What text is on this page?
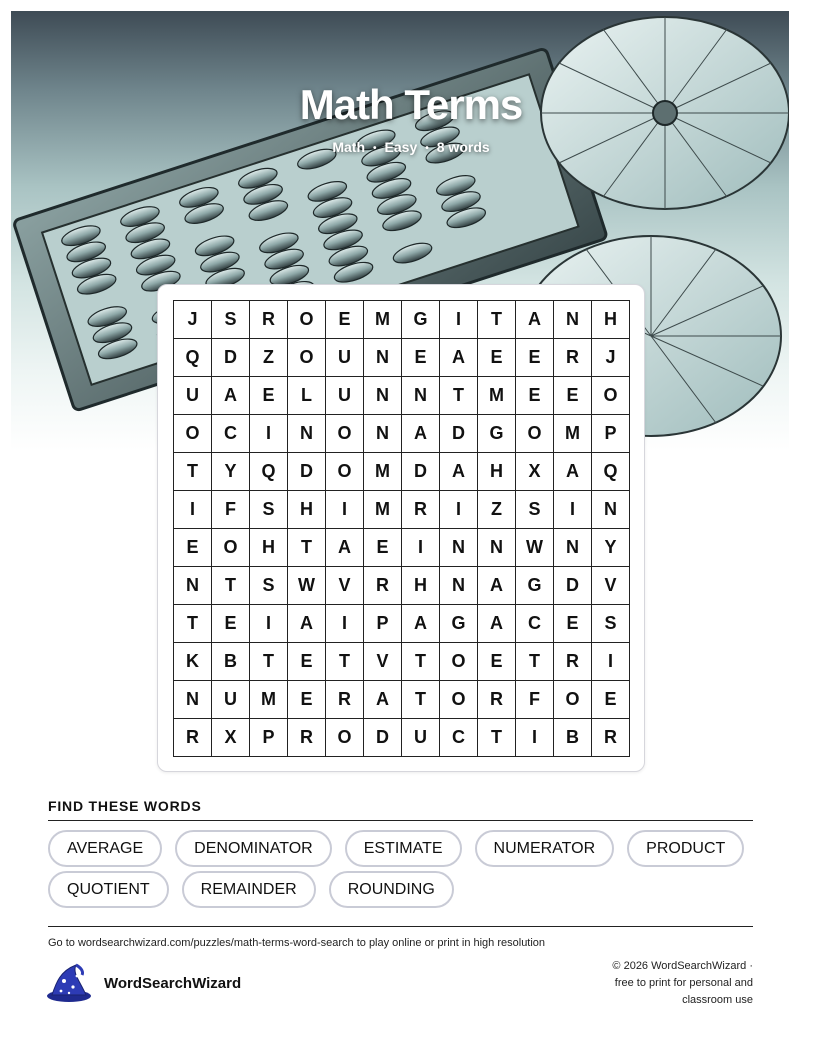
Math Terms
Math • Easy • 8 words
J	S	R	O	E	M	G	I	T	A	N	H
Q	D	Z	O	U	N	E	A	E	E	R	J
U	A	E	L	U	N	N	T	M	E	E	O
O	C	I	N	O	N	A	D	G	O	M	P
T	Y	Q	D	O	M	D	A	H	X	A	Q
I	F	S	H	I	M	R	I	Z	S	I	N
E	O	H	T	A	E	I	N	N	W	N	Y
N	T	S	W	V	R	H	N	A	G	D	V
T	E	I	A	I	P	A	G	A	C	E	S
K	B	T	E	T	V	T	O	E	T	R	I
N	U	M	E	R	A	T	O	R	F	O	E
R	X	P	R	O	D	U	C	T	I	B	R
FIND THESE WORDS
AVERAGE	DENOMINATOR	ESTIMATE	NUMERATOR	PRODUCT
QUOTIENT	REMAINDER	ROUNDING
Go to wordsearchwizard.com/puzzles/math-terms-word-search to play online or print in high resolution
WordSearchWizard
© 2026 WordSearchWizard ·
free to print for personal and
classroom use
